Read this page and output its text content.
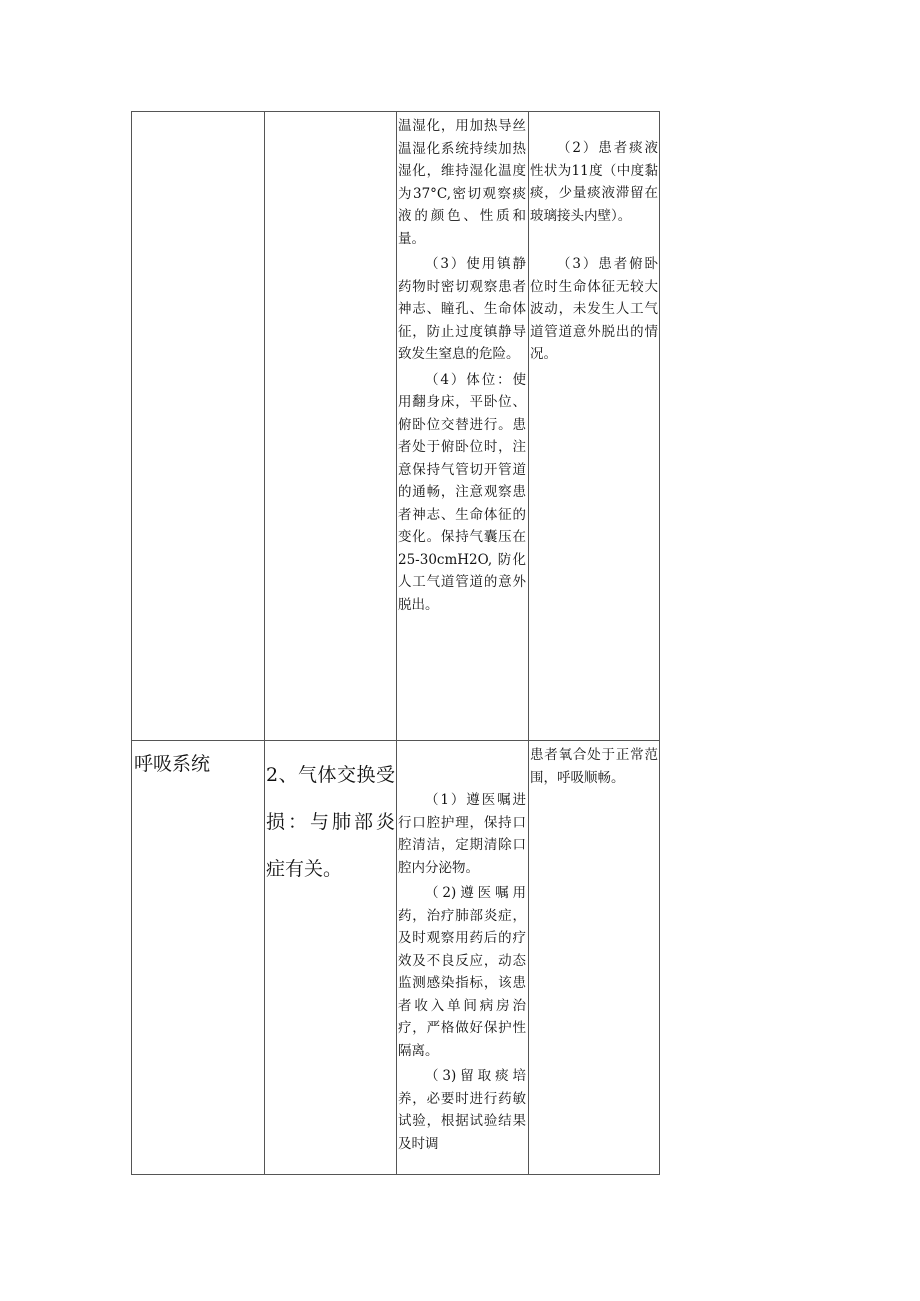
温湿化，用加热导丝温湿化系统持续加热湿化，维持湿化温度为37°C,密切观察痰液的颜色、性质和量。

（3）使用镇静药物时密切观察患者神志、瞳孔、生命体征，防止过度镇静导致发生窒息的危险。

（4）体位：使用翻身床，平卧位、俯卧位交替进行。患者处于俯卧位时，注意保持气管切开管道的通畅，注意观察患者神志、生命体征的变化。保持气囊压在25-30cmH2O, 防化人工气道管道的意外脱出。

（2）患者痰液性状为11度（中度黏痰，少量痰液滞留在玻璃接头内壁）。

（3）患者俯卧位时生命体征无较大波动，未发生人工气道管道意外脱出的情况。

呼吸系统	2、气体交换受损：与肺部炎症有关。

（1）遵医嘱进行口腔护理，保持口腔清洁，定期清除口腔内分泌物。

（2)遵医嘱用药，治疗肺部炎症，及时观察用药后的疗效及不良反应，动态监测感染指标，该患者收入单间病房治疗，严格做好保护性隔离。

（3)留取痰培养，必要时进行药敏试验，根据试验结果及时调

患者氧合处于正常范围，呼吸顺畅。
